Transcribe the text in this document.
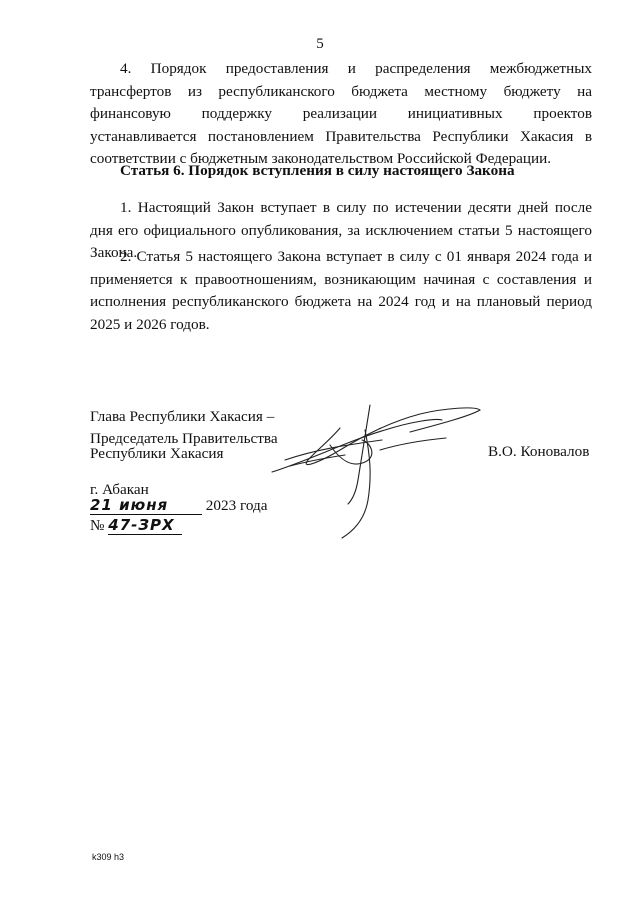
5

4. Порядок предоставления и распределения межбюджетных трансфертов из республиканского бюджета местному бюджету на финансовую поддержку реализации инициативных проектов устанавливается постановлением Правительства Республики Хакасия в соответствии с бюджетным законодательством Российской Федерации.

Статья 6. Порядок вступления в силу настоящего Закона

1. Настоящий Закон вступает в силу по истечении десяти дней после дня его официального опубликования, за исключением статьи 5 настоящего Закона.

2. Статья 5 настоящего Закона вступает в силу с 01 января 2024 года и применяется к правоотношениям, возникающим начиная с составления и исполнения республиканского бюджета на 2024 год и на плановый период 2025 и 2026 годов.

Глава Республики Хакасия –

Председатель Правительства

Республики Хакасия	В.О. Коновалов

г. Абакан

21 июня 2023 года

№ 47-ЗРХ

k309 h3
